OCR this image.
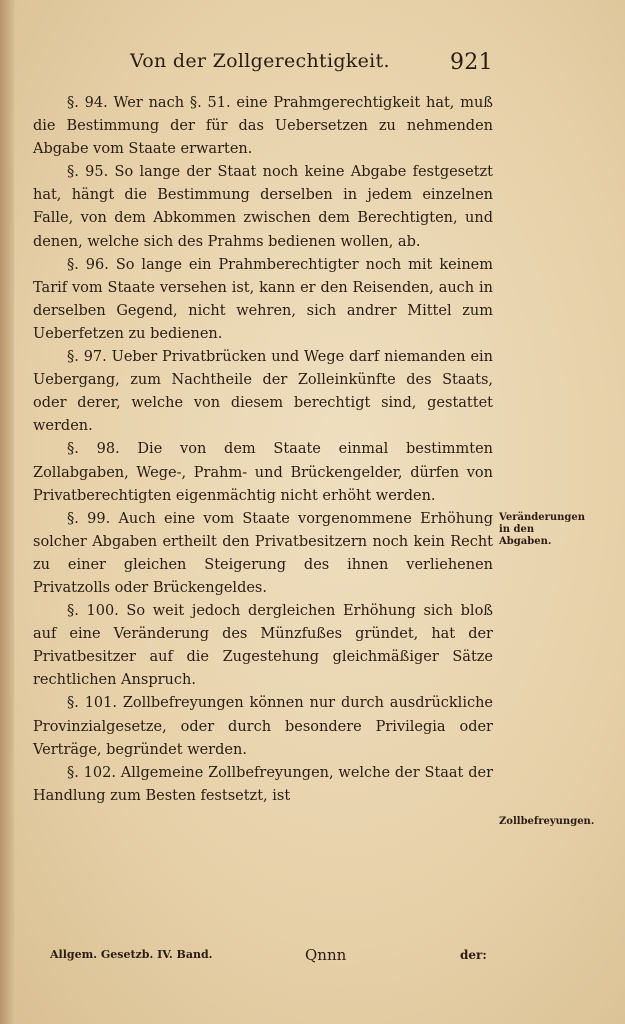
Von der Zollgerechtigkeit.	921

§. 94. Wer nach §. 51. eine Prahmgerechtigkeit hat, muß die Bestimmung der für das Uebersetzen zu nehmenden Abgabe vom Staate erwarten.

§. 95. So lange der Staat noch keine Abgabe festgesetzt hat, hängt die Bestimmung derselben in jedem einzelnen Falle, von dem Abkommen zwischen dem Berechtigten, und denen, welche sich des Prahms bedienen wollen, ab.

§. 96. So lange ein Prahmberechtigter noch mit keinem Tarif vom Staate versehen ist, kann er den Reisenden, auch in derselben Gegend, nicht wehren, sich andrer Mittel zum Ueberfetzen zu bedienen.

§. 97. Ueber Privatbrücken und Wege darf niemanden ein Uebergang, zum Nachtheile der Zolleinkünfte des Staats, oder derer, welche von diesem berechtigt sind, gestattet werden.

§. 98. Die von dem Staate einmal bestimmten Zollabgaben, Wege-, Prahm- und Brückengelder, dürfen von Privatberechtigten eigenmächtig nicht erhöht werden.

§. 99. Auch eine vom Staate vorgenommene Erhöhung solcher Abgaben ertheilt den Privatbesitzern noch kein Recht zu einer gleichen Steigerung des ihnen verliehenen Privatzolls oder Brückengeldes.

§. 100. So weit jedoch dergleichen Erhöhung sich bloß auf eine Veränderung des Münzfußes gründet, hat der Privatbesitzer auf die Zugestehung gleichmäßiger Sätze rechtlichen Anspruch.

§. 101. Zollbefreyungen können nur durch ausdrückliche Provinzialgesetze, oder durch besondere Privilegia oder Verträge, begründet werden.

§. 102. Allgemeine Zollbefreyungen, welche der Staat der Handlung zum Besten festsetzt, ist

Veränderungen in den Abgaben.
Zollbefreyungen.
Allgem. Gesetzb. IV. Band.	Qnnn	der:
